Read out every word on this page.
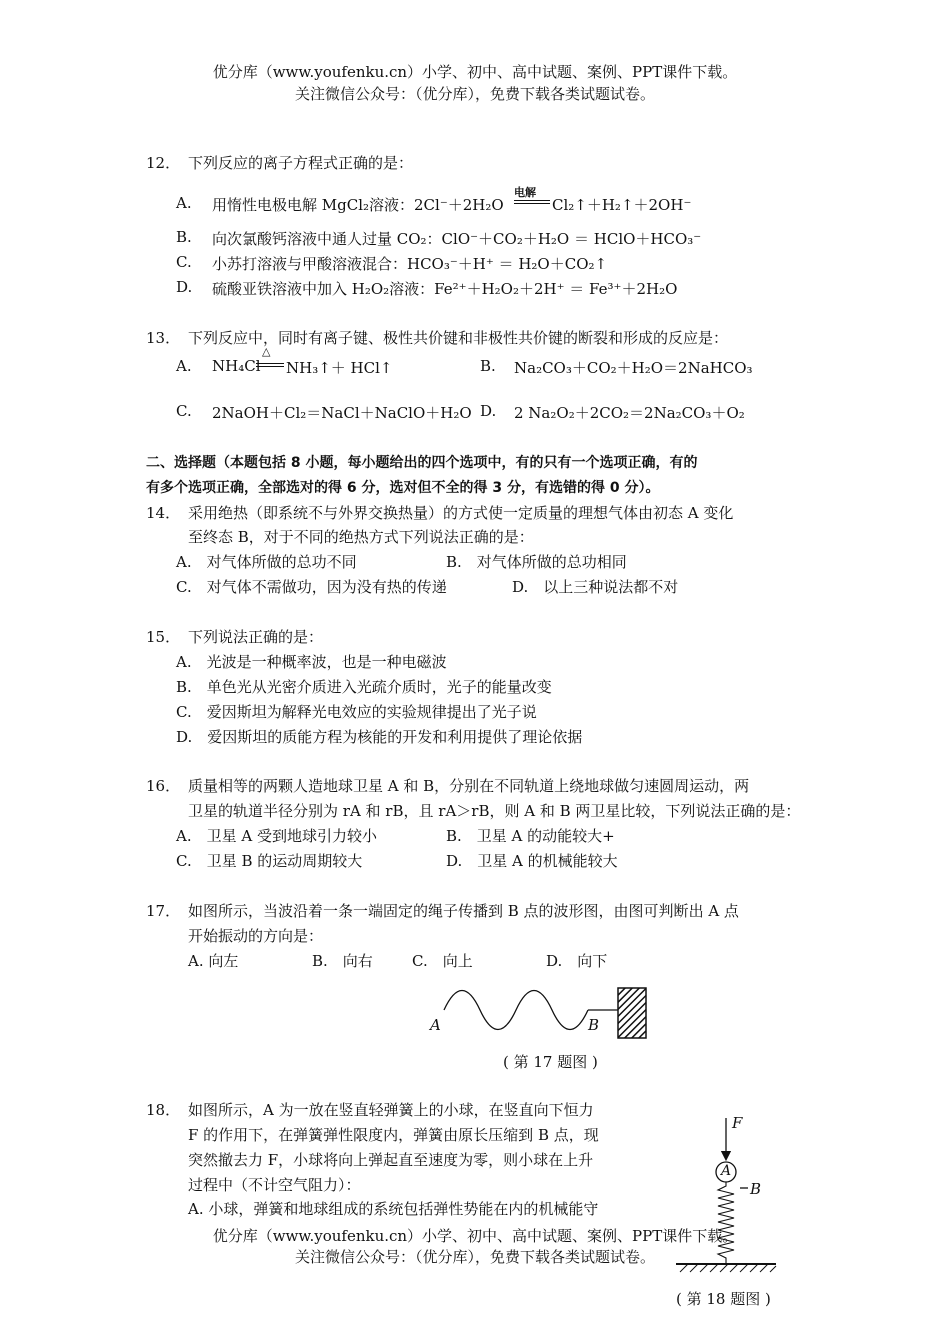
优分库（www.youfenku.cn）小学、初中、高中试题、案例、PPT课件下载。
关注微信公众号：（优分库），免费下载各类试题试卷。
12． 下列反应的离子方程式正确的是：
A. 用惰性电极电解 MgCl₂溶液：2Cl⁻＋2H₂O
电解
Cl₂↑＋H₂↑＋2OH⁻
B. 向次氯酸钙溶液中通人过量 CO₂：ClO⁻＋CO₂＋H₂O ＝ HClO＋HCO₃⁻
C. 小苏打溶液与甲酸溶液混合：HCO₃⁻＋H⁺ ＝ H₂O＋CO₂↑
D. 硫酸亚铁溶液中加入 H₂O₂溶液：Fe²⁺＋H₂O₂＋2H⁺ ＝ Fe³⁺＋2H₂O
13． 下列反应中，同时有离子键、极性共价键和非极性共价键的断裂和形成的反应是：
A. NH₄Cl
△
NH₃↑＋ HCl↑	B. Na₂CO₃＋CO₂＋H₂O＝2NaHCO₃
C. 2NaOH＋Cl₂＝NaCl＋NaClO＋H₂O D. 2 Na₂O₂＋2CO₂＝2Na₂CO₃＋O₂
二、选择题（本题包括 8 小题，每小题给出的四个选项中，有的只有一个选项正确，有的
有多个选项正确，全部选对的得 6 分，选对但不全的得 3 分，有选错的得 0 分）。
14． 采用绝热（即系统不与外界交换热量）的方式使一定质量的理想气体由初态 A 变化
至终态 B，对于不同的绝热方式下列说法正确的是：
A.　对气体所做的总功不同	B.　对气体所做的总功相同
C.　对气体不需做功，因为没有热的传递	D.　以上三种说法都不对
15． 下列说法正确的是：
A.　光波是一种概率波，也是一种电磁波
B.　单色光从光密介质进入光疏介质时，光子的能量改变
C.　爱因斯坦为解释光电效应的实验规律提出了光子说
D.　爱因斯坦的质能方程为核能的开发和利用提供了理论依据
16． 质量相等的两颗人造地球卫星 A 和 B，分别在不同轨道上绕地球做匀速圆周运动，两
卫星的轨道半径分别为 rA 和 rB，且 rA＞rB，则 A 和 B 两卫星比较，下列说法正确的是：
A.　卫星 A 受到地球引力较小	B.　卫星 A 的动能较大+
C.　卫星 B 的运动周期较大	D.　卫星 A 的机械能较大
17． 如图所示，当波沿着一条一端固定的绳子传播到 B 点的波形图，由图可判断出 A 点
开始振动的方向是：
A. 向左	B.　向右	C.　向上	D.　向下
A	B
( 第 17 题图 )
18． 如图所示，A 为一放在竖直轻弹簧上的小球，在竖直向下恒力
F 的作用下，在弹簧弹性限度内，弹簧由原长压缩到 B 点，现
突然撤去力 F，小球将向上弹起直至速度为零，则小球在上升
过程中（不计空气阻力）：
A. 小球，弹簧和地球组成的系统包括弹性势能在内的机械能守
F
A
B
( 第 18 题图 )
优分库（www.youfenku.cn）小学、初中、高中试题、案例、PPT课件下载。
关注微信公众号：（优分库），免费下载各类试题试卷。
